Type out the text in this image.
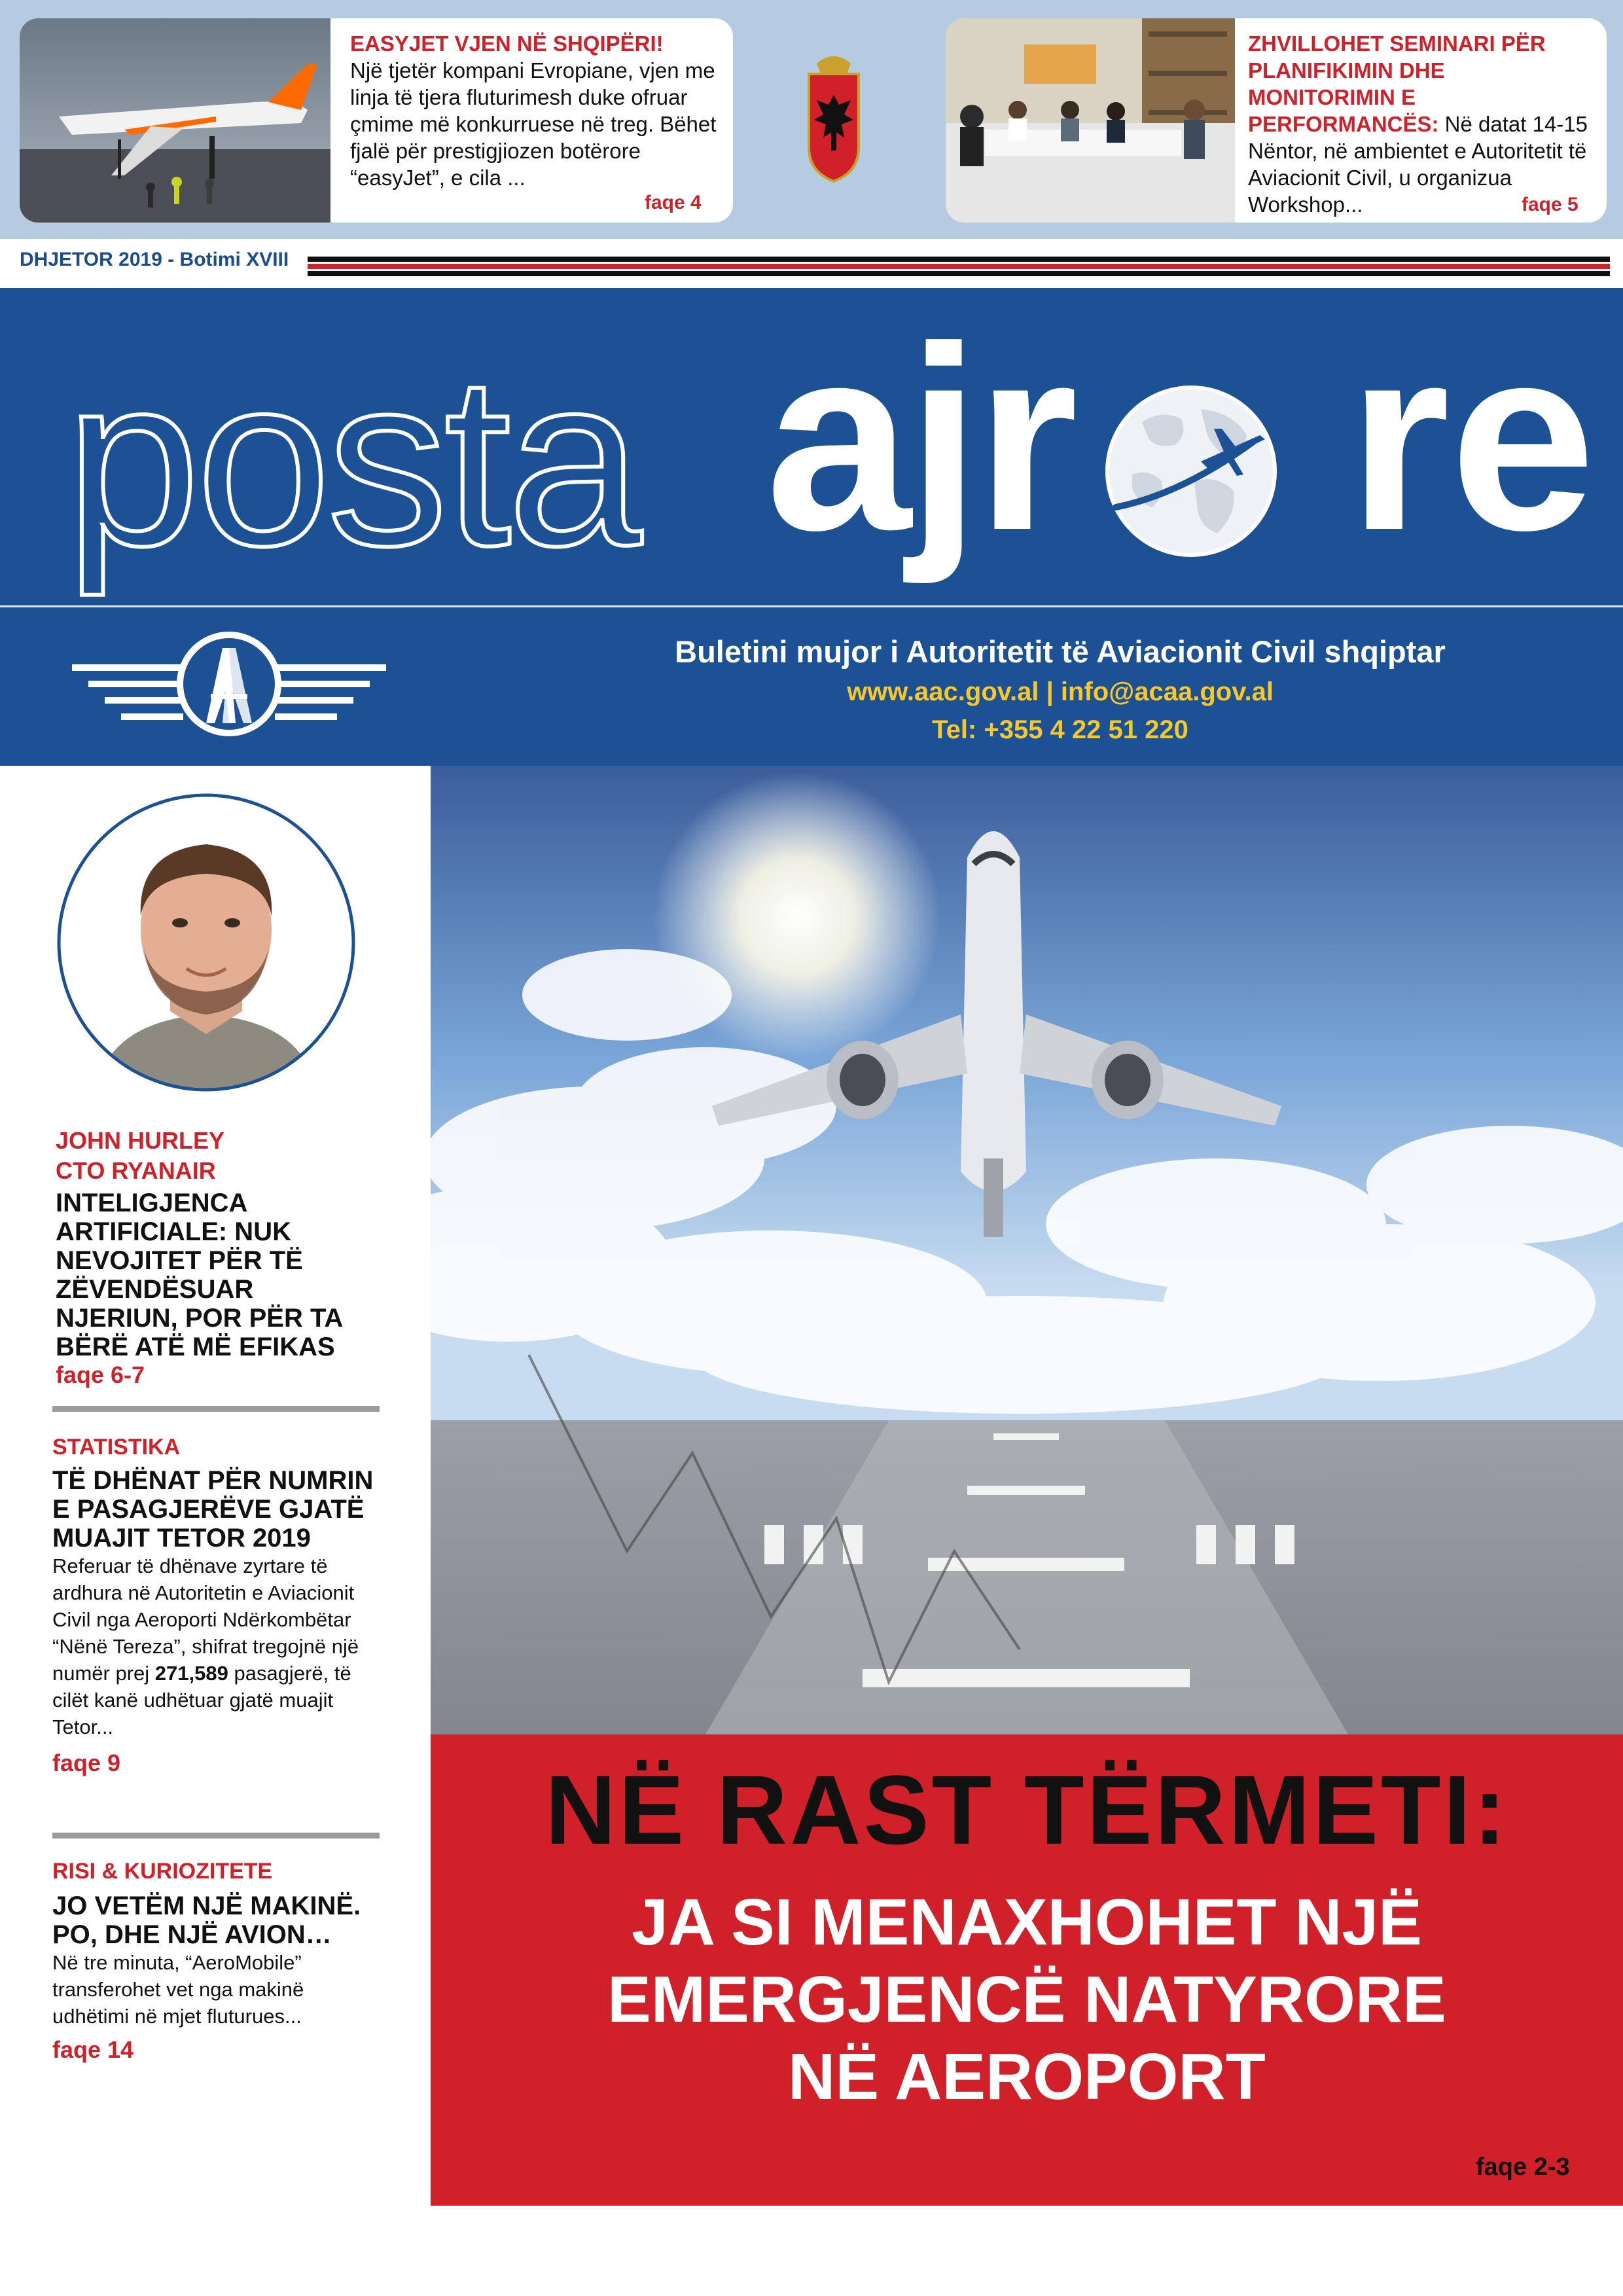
EASYJET VJEN NË SHQIPËRI!
Një tjetër kompani Evropiane, vjen me linja të tjera fluturimesh duke ofruar çmime më konkurruese në treg. Bëhet fjalë për prestigjiozen botërore “easyJet”, e cila ...
faqe 4
ZHVILLOHET SEMINARI PËR PLANIFIKIMIN DHE MONITORIMIN E PERFORMANCËS: Në datat 14-15 Nëntor, në ambientet e Autoritetit të Aviacionit Civil, u organizua Workshop...	faqe 5
DHJETOR 2019 - Botimi XVIII
posta ajr re
Buletini mujor i Autoritetit të Aviacionit Civil shqiptar
www.aac.gov.al | info@acaa.gov.al
Tel: +355 4 22 51 220
JOHN HURLEY
CTO RYANAIR
INTELIGJENCA ARTIFICIALE: NUK NEVOJITET PËR TË ZËVENDËSUAR NJERIUN, POR PËR TA BËRË ATË MË EFIKAS
faqe 6-7
STATISTIKA
TË DHËNAT PËR NUMRIN E PASAGJERËVE GJATË MUAJIT TETOR 2019
Referuar të dhënave zyrtare të ardhura në Autoritetin e Aviacionit Civil nga Aeroporti Ndërkombëtar “Nënë Tereza”, shifrat tregojnë një numër prej 271,589 pasagjerë, të cilët kanë udhëtuar gjatë muajit Tetor...
faqe 9
RISI & KURIOZITETE
JO VETËM NJË MAKINË. PO, DHE NJË AVION…
Në tre minuta, “AeroMobile” transferohet vet nga makinë udhëtimi në mjet fluturues...
faqe 14
NË RAST TËRMETI:
JA SI MENAXHOHET NJË
EMERGJENCË NATYRORE
NË AEROPORT
faqe 2-3
